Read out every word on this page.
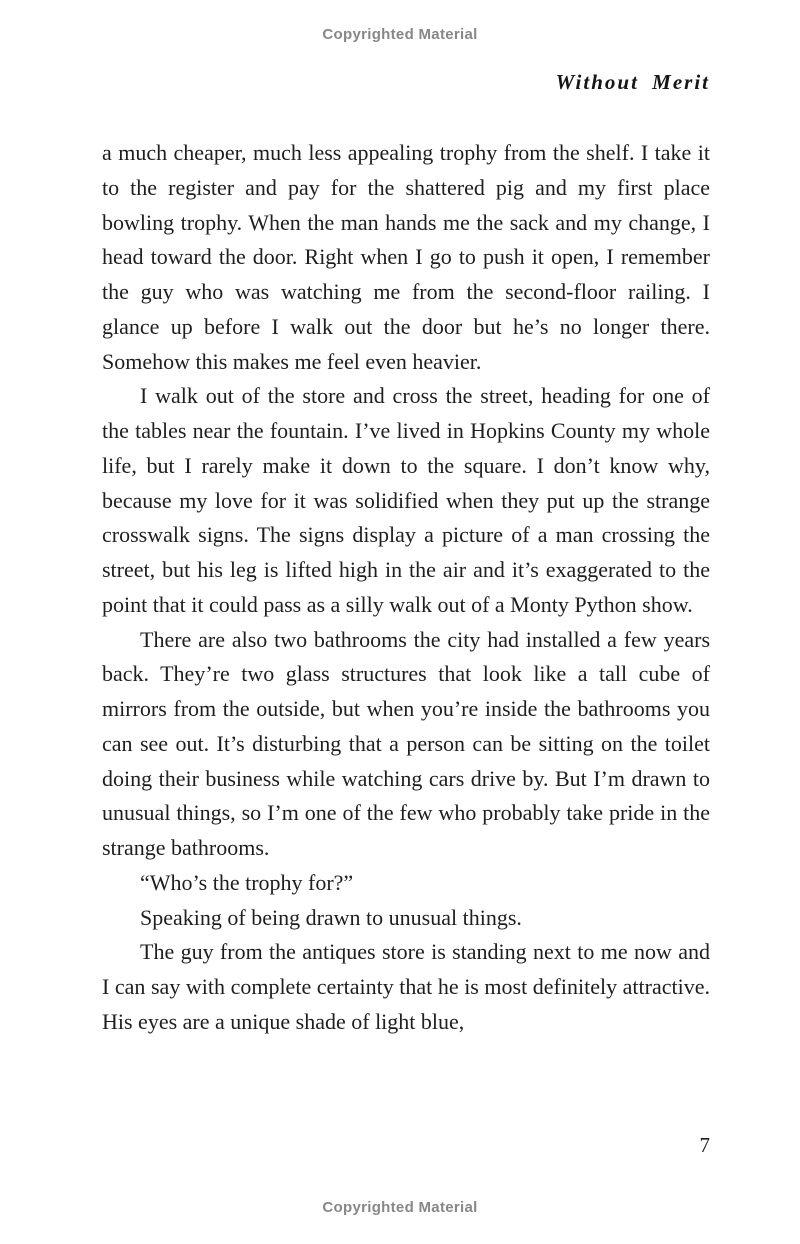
Copyrighted Material
Without Merit

a much cheaper, much less appealing trophy from the shelf. I take it to the register and pay for the shattered pig and my first place bowling trophy. When the man hands me the sack and my change, I head toward the door. Right when I go to push it open, I remember the guy who was watching me from the second-floor railing. I glance up before I walk out the door but he’s no longer there. Somehow this makes me feel even heavier.

I walk out of the store and cross the street, heading for one of the tables near the fountain. I’ve lived in Hopkins County my whole life, but I rarely make it down to the square. I don’t know why, because my love for it was solidified when they put up the strange crosswalk signs. The signs display a picture of a man crossing the street, but his leg is lifted high in the air and it’s exaggerated to the point that it could pass as a silly walk out of a Monty Python show.

There are also two bathrooms the city had installed a few years back. They’re two glass structures that look like a tall cube of mirrors from the outside, but when you’re inside the bathrooms you can see out. It’s disturbing that a person can be sitting on the toilet doing their business while watching cars drive by. But I’m drawn to unusual things, so I’m one of the few who probably take pride in the strange bathrooms.

“Who’s the trophy for?”

Speaking of being drawn to unusual things.

The guy from the antiques store is standing next to me now and I can say with complete certainty that he is most definitely attractive. His eyes are a unique shade of light blue,

7
Copyrighted Material
